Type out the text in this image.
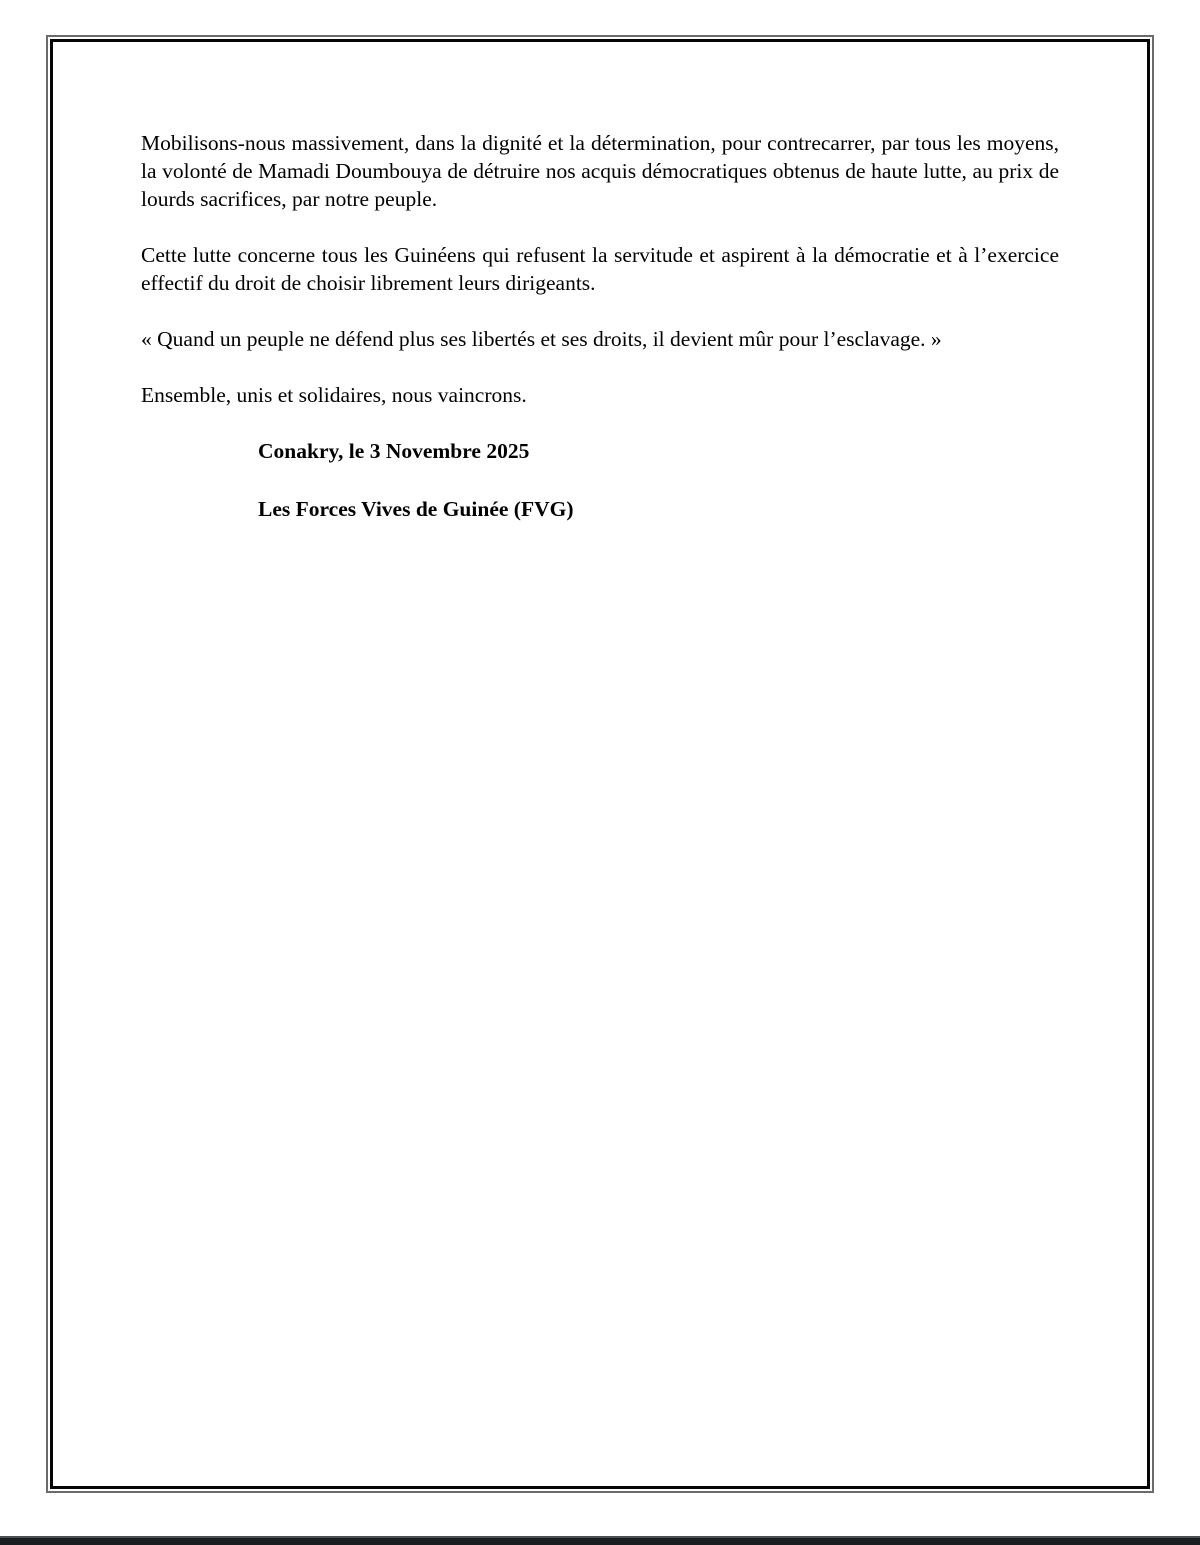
Mobilisons-nous massivement, dans la dignité et la détermination, pour contrecarrer, par tous les moyens, la volonté de Mamadi Doumbouya de détruire nos acquis démocratiques obtenus de haute lutte, au prix de lourds sacrifices, par notre peuple.

Cette lutte concerne tous les Guinéens qui refusent la servitude et aspirent à la démocratie et à l’exercice effectif du droit de choisir librement leurs dirigeants.

« Quand un peuple ne défend plus ses libertés et ses droits, il devient mûr pour l’esclavage. »

Ensemble, unis et solidaires, nous vaincrons.

Conakry, le 3 Novembre 2025

Les Forces Vives de Guinée (FVG)
